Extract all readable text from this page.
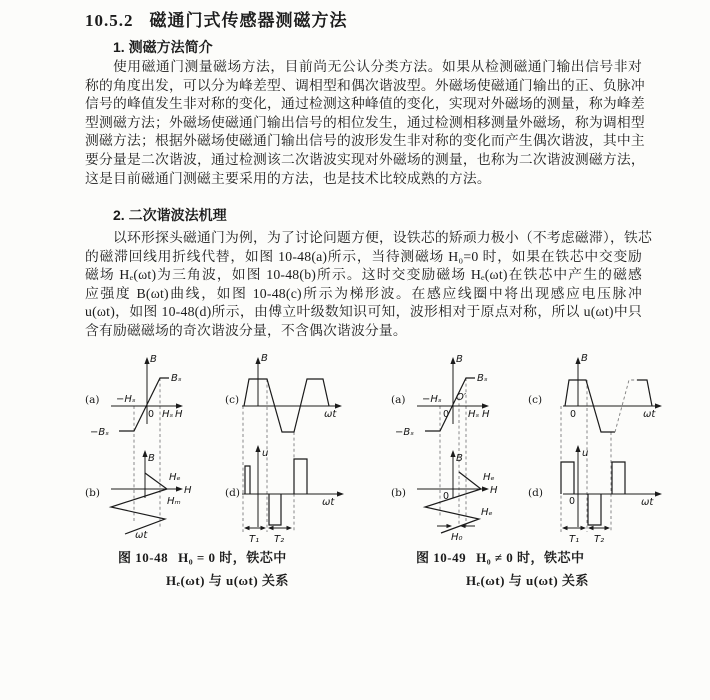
10.5.2 磁通门式传感器测磁方法
1. 测磁方法简介
使用磁通门测量磁场方法，目前尚无公认分类方法。如果从检测磁通门输出信号非对
称的角度出发，可以分为峰差型、调相型和偶次谐波型。外磁场使磁通门输出的正、负脉冲
信号的峰值发生非对称的变化，通过检测这种峰值的变化，实现对外磁场的测量，称为峰差
型测磁方法；外磁场使磁通门输出信号的相位发生，通过检测相移测量外磁场，称为调相型
测磁方法；根据外磁场使磁通门输出信号的波形发生非对称的变化而产生偶次谐波，其中主
要分量是二次谐波，通过检测该二次谐波实现对外磁场的测量，也称为二次谐波测磁方法，
这是目前磁通门测磁主要采用的方法，也是技术比较成熟的方法。
2. 二次谐波法机理
以环形探头磁通门为例，为了讨论问题方便，设铁芯的矫顽力极小（不考虑磁滞），铁芯
的磁滞回线用折线代替，如图 10-48(a)所示，当待测磁场 H₀=0 时，如果在铁芯中交变励
磁场 Hₑ(ωt)为三角波，如图 10-48(b)所示。这时交变励磁场 Hₑ(ωt)在铁芯中产生的磁感
应强度 B(ωt)曲线，如图 10-48(c)所示为梯形波。在感应线圈中将出现感应电压脉冲
u(ωt)，如图 10-48(d)所示，由傅立叶级数知识可知，波形相对于原点对称，所以 u(ωt)中只
含有励磁磁场的奇次谐波分量，不含偶次谐波分量。
B
Bₛ
−Hₛ
0 Hₛ H
−Bₛ
(a)
B
Hₑ
H
Hₘ
ωt
(b)
B
ωt
(c)
u
ωt
(d)
T₁ T₂
B
Bₛ
−Hₛ O′
0 Hₛ H
−Bₛ
(a)
B
Hₑ
H
0
Hₑ
H₀
(b)
B
0	ωt
(c)
u
0	ωt
(d)
T₁ T₂
图 10-48 H₀ = 0 时，铁芯中
Hₑ(ωt) 与 u(ωt) 关系
图 10-49 H₀ ≠ 0 时，铁芯中
Hₑ(ωt) 与 u(ωt) 关系
